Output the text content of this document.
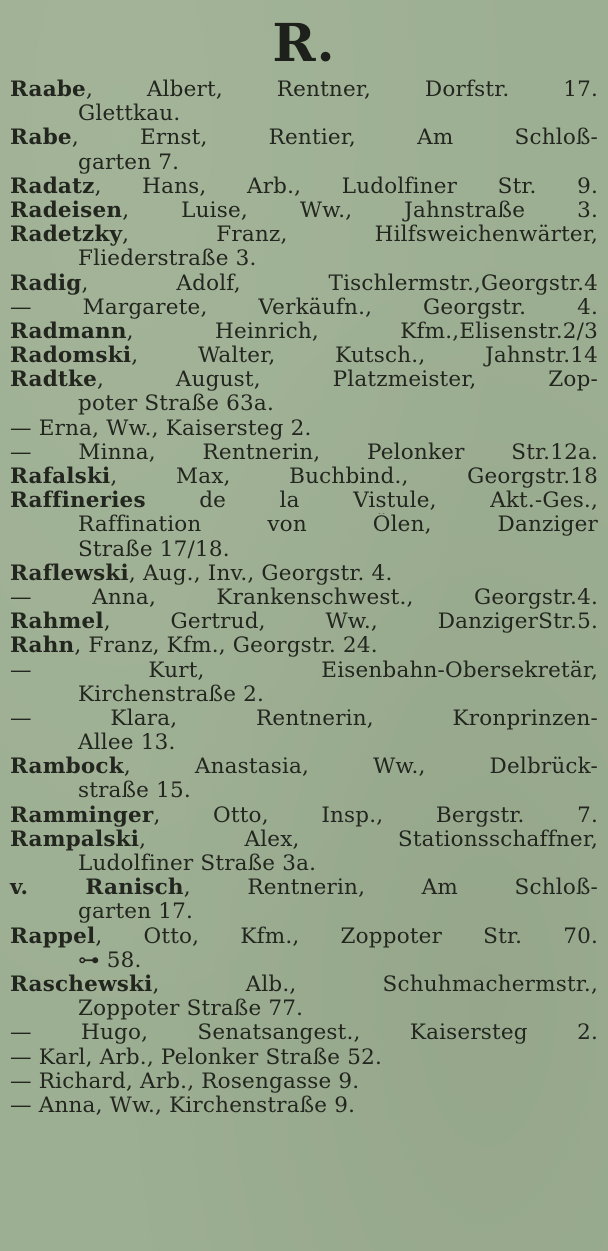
R.
Raabe, Albert, Rentner, Dorfstr. 17.
Glettkau.
Rabe, Ernst, Rentier, Am Schloß-
garten 7.
Radatz, Hans, Arb., Ludolfiner Str. 9.
Radeisen, Luise, Ww., Jahnstraße 3.
Radetzky, Franz, Hilfsweichenwärter,
Fliederstraße 3.
Radig, Adolf, Tischlermstr.,Georgstr.4
— Margarete, Verkäufn., Georgstr. 4.
Radmann, Heinrich, Kfm.,Elisenstr.2/3
Radomski, Walter, Kutsch., Jahnstr.14
Radtke, August, Platzmeister, Zop-
poter Straße 63a.
— Erna, Ww., Kaisersteg 2.
— Minna, Rentnerin, Pelonker Str.12a.
Rafalski, Max, Buchbind., Georgstr.18
Raffineries de la Vistule, Akt.-Ges.,
Raffination von Ölen, Danziger
Straße 17/18.
Raflewski, Aug., Inv., Georgstr. 4.
— Anna, Krankenschwest., Georgstr.4.
Rahmel, Gertrud, Ww., DanzigerStr.5.
Rahn, Franz, Kfm., Georgstr. 24.
— Kurt, Eisenbahn-Obersekretär,
Kirchenstraße 2.
— Klara, Rentnerin, Kronprinzen-
Allee 13.
Rambock, Anastasia, Ww., Delbrück-
straße 15.
Ramminger, Otto, Insp., Bergstr. 7.
Rampalski, Alex, Stationsschaffner,
Ludolfiner Straße 3a.
v. Ranisch, Rentnerin, Am Schloß-
garten 17.
Rappel, Otto, Kfm., Zoppoter Str. 70.
⊶ 58.
Raschewski, Alb., Schuhmachermstr.,
Zoppoter Straße 77.
— Hugo, Senatsangest., Kaisersteg 2.
— Karl, Arb., Pelonker Straße 52.
— Richard, Arb., Rosengasse 9.
— Anna, Ww., Kirchenstraße 9.
